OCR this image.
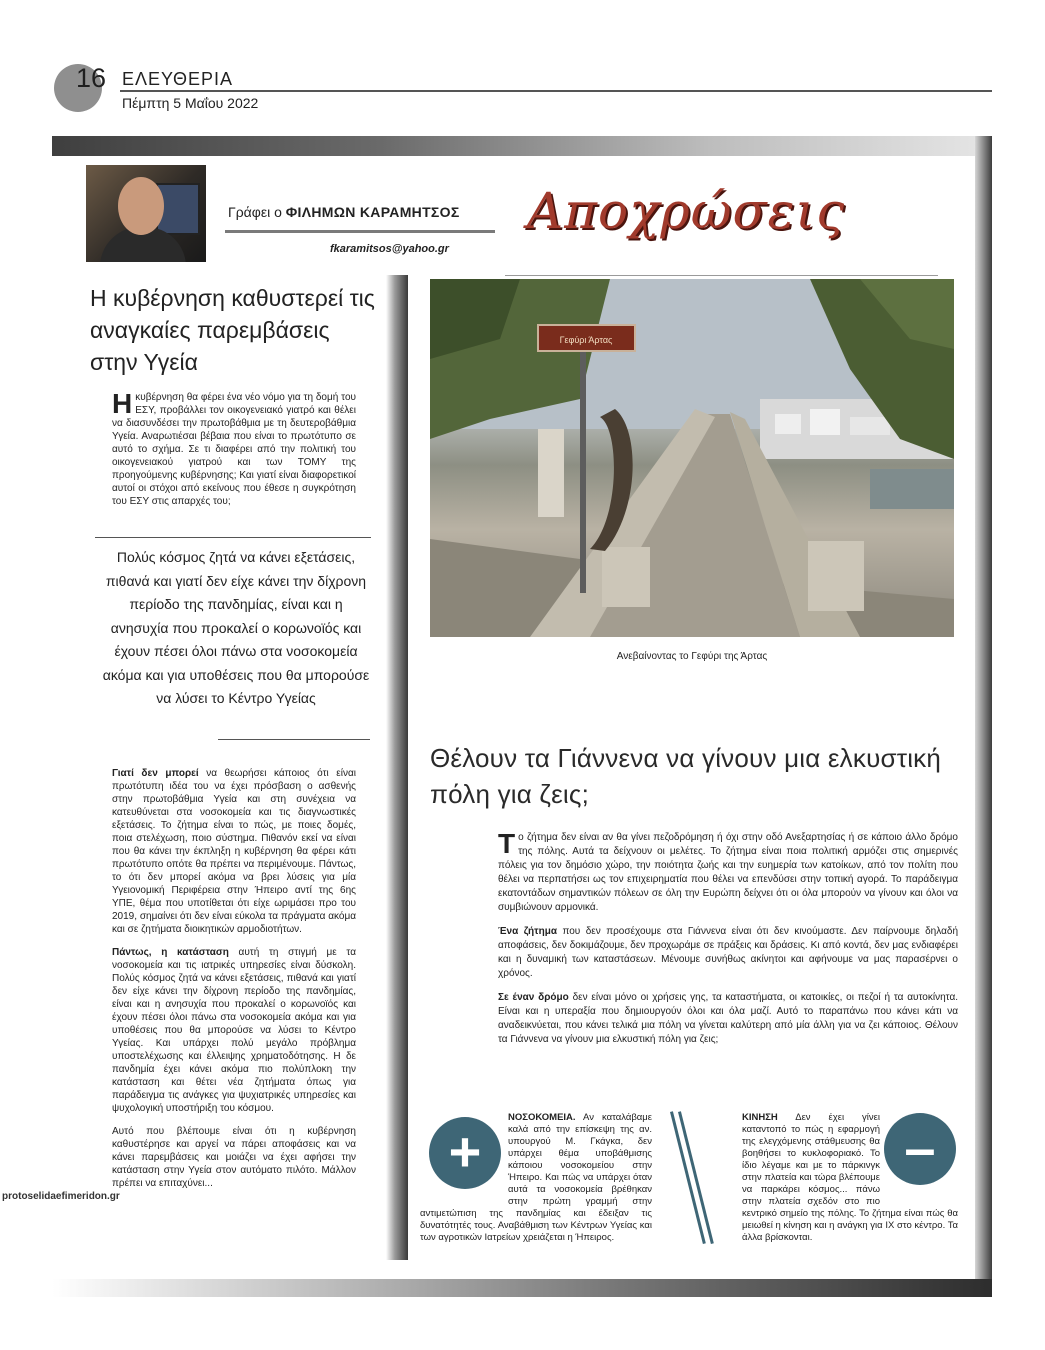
16 ΕΛΕΥΘΕΡΙΑ
Πέμπτη 5 Μαΐου 2022
Γράφει ο ΦΙΛΗΜΩΝ ΚΑΡΑΜΗΤΣΟΣ
fkaramitsos@yahoo.gr
Αποχρώσεις
Η κυβέρνηση καθυστερεί τις αναγκαίες παρεμβάσεις στην Υγεία
Ηκυβέρνηση θα φέρει ένα νέο νόμο για τη δομή του ΕΣΥ, προβάλλει τον οικογενειακό γιατρό και θέλει να διασυνδέσει την πρωτοβάθμια με τη δευτεροβάθμια Υγεία. Αναρωτιέσαι βέβαια που είναι το πρωτότυπο σε αυτό το σχήμα. Σε τι διαφέρει από την πολιτική του οικογενειακού γιατρού και των ΤΟΜΥ της προηγούμενης κυβέρνησης; Και γιατί είναι διαφορετικοί αυτοί οι στόχοι από εκείνους που έθεσε η συγκρότηση του ΕΣΥ στις απαρχές του;
Πολύς κόσμος ζητά να κάνει εξετάσεις, πιθανά και γιατί δεν είχε κάνει την δίχρονη περίοδο της πανδημίας, είναι και η ανησυχία που προκαλεί ο κορωνοϊός και έχουν πέσει όλοι πάνω στα νοσοκομεία ακόμα και για υποθέσεις που θα μπορούσε να λύσει το Κέντρο Υγείας

Γιατί δεν μπορεί να θεωρήσει κάποιος ότι είναι πρωτότυπη ιδέα του να έχει πρόσβαση ο ασθενής στην πρωτοβάθμια Υγεία και στη συνέχεια να κατευθύνεται στα νοσοκομεία και τις διαγνωστικές εξετάσεις. Το ζήτημα είναι το πώς, με ποιες δομές, ποια στελέχωση, ποιο σύστημα. Πιθανόν εκεί να είναι που θα κάνει την έκπληξη η κυβέρνηση θα φέρει κάτι πρωτότυπο οπότε θα πρέπει να περιμένουμε. Πάντως, το ότι δεν μπορεί ακόμα να βρει λύσεις για μία Υγειονομική Περιφέρεια στην Ήπειρο αντί της 6ης ΥΠΕ, θέμα που υποτίθεται ότι είχε ωριμάσει προ του 2019, σημαίνει ότι δεν είναι εύκολα τα πράγματα ακόμα και σε ζητήματα διοικητικών αρμοδιοτήτων.

Πάντως, η κατάσταση αυτή τη στιγμή με τα νοσοκομεία και τις ιατρικές υπηρεσίες είναι δύσκολη. Πολύς κόσμος ζητά να κάνει εξετάσεις, πιθανά και γιατί δεν είχε κάνει την δίχρονη περίοδο της πανδημίας, είναι και η ανησυχία που προκαλεί ο κορωνοϊός και έχουν πέσει όλοι πάνω στα νοσοκομεία ακόμα και για υποθέσεις που θα μπορούσε να λύσει το Κέντρο Υγείας. Και υπάρχει πολύ μεγάλο πρόβλημα υποστελέχωσης και έλλειψης χρηματοδότησης. Η δε πανδημία έχει κάνει ακόμα πιο πολύπλοκη την κατάσταση και θέτει νέα ζητήματα όπως για παράδειγμα τις ανάγκες για ψυχιατρικές υπηρεσίες και ψυχολογική υποστήριξη του κόσμου.

Αυτό που βλέπουμε είναι ότι η κυβέρνηση καθυστέρησε και αργεί να πάρει αποφάσεις και να κάνει παρεμβάσεις και μοιάζει να έχει αφήσει την κατάσταση στην Υγεία στον αυτόματο πιλότο. Μάλλον πρέπει να επιταχύνει...

Γεφύρι Άρτας
Ανεβαίνοντας το Γεφύρι της Άρτας
Θέλουν τα Γιάννενα να γίνουν μια ελκυστική πόλη για ζεις;

Το ζήτημα δεν είναι αν θα γίνει πεζοδρόμηση ή όχι στην οδό Ανεξαρτησίας ή σε κάποιο άλλο δρόμο της πόλης. Αυτά τα δείχνουν οι μελέτες. Το ζήτημα είναι ποια πολιτική αρμόζει στις σημερινές πόλεις για τον δημόσιο χώρο, την ποιότητα ζωής και την ευημερία των κατοίκων, από τον πολίτη που θέλει να περπατήσει ως τον επιχειρηματία που θέλει να επενδύσει στην τοπική αγορά. Το παράδειγμα εκατοντάδων σημαντικών πόλεων σε όλη την Ευρώπη δείχνει ότι οι όλα μπορούν να γίνουν και όλοι να συμβιώνουν αρμονικά.

Ένα ζήτημα που δεν προσέχουμε στα Γιάννενα είναι ότι δεν κινούμαστε. Δεν παίρνουμε δηλαδή αποφάσεις, δεν δοκιμάζουμε, δεν προχωράμε σε πράξεις και δράσεις. Κι από κοντά, δεν μας ενδιαφέρει και η δυναμική των καταστάσεων. Μένουμε συνήθως ακίνητοι και αφήνουμε να μας παρασέρνει ο χρόνος.

Σε έναν δρόμο δεν είναι μόνο οι χρήσεις γης, τα καταστήματα, οι κατοικίες, οι πεζοί ή τα αυτοκίνητα. Είναι και η υπεραξία που δημιουργούν όλοι και όλα μαζί. Αυτό το παραπάνω που κάνει κάτι να αναδεικνύεται, που κάνει τελικά μια πόλη να γίνεται καλύτερη από μία άλλη για να ζει κάποιος. Θέλουν τα Γιάννενα να γίνουν μια ελκυστική πόλη για ζεις;

+
ΝΟΣΟΚΟΜΕΙΑ. Αν καταλάβαμε καλά από την επίσκεψη της αν. υπουργού Μ. Γκάγκα, δεν υπάρχει θέμα υποβάθμισης κάποιου νοσοκομείου στην Ήπειρο. Και πώς να υπάρχει όταν αυτά τα νοσοκομεία βρέθηκαν στην πρώτη γραμμή στην αντιμετώπιση της πανδημίας και έδειξαν τις δυνατότητές τους. Αναβάθμιση των Κέντρων Υγείας και των αγροτικών Ιατρείων χρειάζεται η Ήπειρος.
–
ΚΙΝΗΣΗ Δεν έχει γίνει καταντοπό το πώς η εφαρμογή της ελεγχόμενης στάθμευσης θα βοηθήσει το κυκλοφοριακό. Το ίδιο λέγαμε και με το πάρκινγκ στην πλατεία και τώρα βλέπουμε να παρκάρει κόσμος... πάνω στην πλατεία σχεδόν στο πιο κεντρικό σημείο της πόλης. Το ζήτημα είναι πώς θα μειωθεί η κίνηση και η ανάγκη για ΙΧ στο κέντρο. Τα άλλα βρίσκονται.
protoselidaefimeridon.gr
